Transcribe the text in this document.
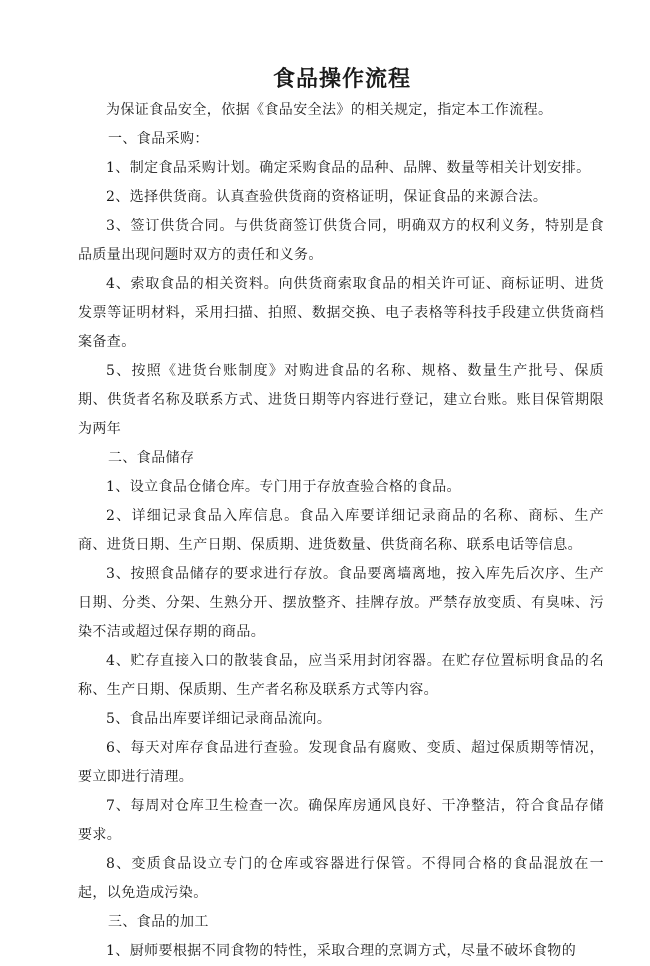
食品操作流程

为保证食品安全，依据《食品安全法》的相关规定，指定本工作流程。

一、食品采购：

1、制定食品采购计划。确定采购食品的品种、品牌、数量等相关计划安排。

2、选择供货商。认真查验供货商的资格证明，保证食品的来源合法。

3、签订供货合同。与供货商签订供货合同，明确双方的权利义务，特别是食品质量出现问题时双方的责任和义务。

4、索取食品的相关资料。向供货商索取食品的相关许可证、商标证明、进货发票等证明材料，采用扫描、拍照、数据交换、电子表格等科技手段建立供货商档案备查。

5、按照《进货台账制度》对购进食品的名称、规格、数量生产批号、保质期、供货者名称及联系方式、进货日期等内容进行登记，建立台账。账目保管期限为两年

二、食品储存

1、设立食品仓储仓库。专门用于存放查验合格的食品。

2、详细记录食品入库信息。食品入库要详细记录商品的名称、商标、生产商、进货日期、生产日期、保质期、进货数量、供货商名称、联系电话等信息。

3、按照食品储存的要求进行存放。食品要离墙离地，按入库先后次序、生产日期、分类、分架、生熟分开、摆放整齐、挂牌存放。严禁存放变质、有臭味、污染不洁或超过保存期的商品。

4、贮存直接入口的散装食品，应当采用封闭容器。在贮存位置标明食品的名称、生产日期、保质期、生产者名称及联系方式等内容。

5、食品出库要详细记录商品流向。

6、每天对库存食品进行查验。发现食品有腐败、变质、超过保质期等情况，要立即进行清理。

7、每周对仓库卫生检查一次。确保库房通风良好、干净整洁，符合食品存储要求。

8、变质食品设立专门的仓库或容器进行保管。不得同合格的食品混放在一起，以免造成污染。

三、食品的加工

1、厨师要根据不同食物的特性，采取合理的烹调方式，尽量不破坏食物的
